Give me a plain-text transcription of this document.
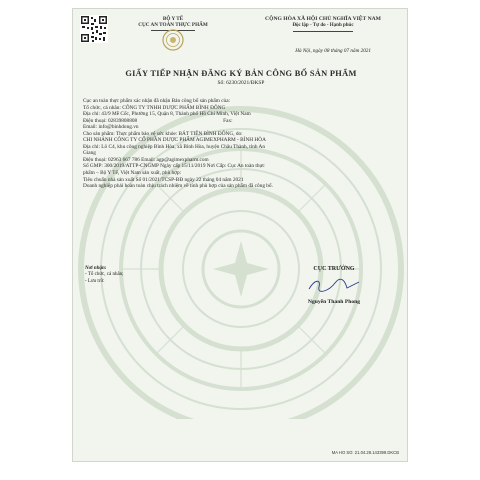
BỘ Y TẾ
CỤC AN TOÀN THỰC PHẨM
CỘNG HÒA XÃ HỘI CHỦ NGHĨA VIỆT NAM
Độc lập - Tự do - Hạnh phúc
Hà Nội, ngày 08 tháng 07 năm 2021
GIẤY TIẾP NHẬN ĐĂNG KÝ BẢN CÔNG BỐ SẢN PHẨM
Số: 6230/2021/ĐKSP

Cục an toàn thực phẩm xác nhận đã nhận Bản công bố sản phẩm của:

Tổ chức, cá nhân: CÔNG TY TNHH DƯỢC PHẨM BÌNH ĐÔNG

Địa chỉ: 43/9 Mễ Cốc, Phường 15, Quận 8, Thành phố Hồ Chí Minh, Việt Nam

Điện thoại: 02839808808	Fax:

Email: info@binhdong.vn

Cho sản phẩm: Thực phẩm bảo vệ sức khỏe: BÁT TIÊN BÌNH ĐÔNG, do:

CHI NHÁNH CÔNG TY CỔ PHẦN DƯỢC PHẨM AGIMEXPHARM - BÌNH HÒA

Địa chỉ: Lô C4, khu công nghiệp Bình Hòa, xã Bình Hòa, huyện Châu Thành, tỉnh An

Giang

Điện thoại: 02963 667 786 Email: agp@agimexpharm.com

Số GMP: 300/2019/ATTP-CNGMP Ngày cấp 15/11/2019 Nơi Cấp: Cục An toàn thực

phẩm – Bộ Y Tế, Việt Nam sản xuất, phù hợp:

Tiêu chuẩn nhà sản xuất Số 01/2021/TCSP-BĐ ngày 22 tháng 04 năm 2021

Doanh nghiệp phải hoàn toàn chịu trách nhiệm về tính phù hợp của sản phẩm đã công bố.

Nơi nhận:
- Tổ chức, cá nhân;
- Lưu trữ.
CỤC TRƯỞNG
Nguyễn Thanh Phong
MA HO SO: 21.04.28.143399.DKCB
